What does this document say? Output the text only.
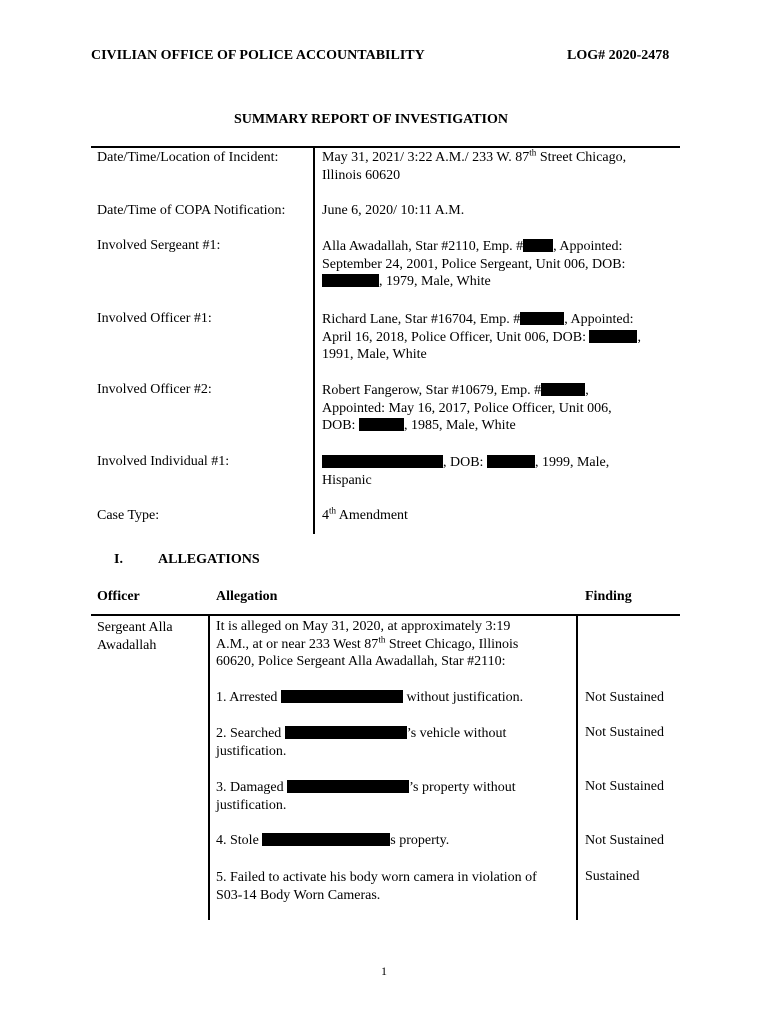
CIVILIAN OFFICE OF POLICE ACCOUNTABILITY	LOG# 2020-2478
SUMMARY REPORT OF INVESTIGATION
Date/Time/Location of Incident:	May 31, 2021/ 3:22 A.M./ 233 W. 87th Street Chicago,
Illinois 60620
Date/Time of COPA Notification:	June 6, 2020/ 10:11 A.M.
Involved Sergeant #1:	Alla Awadallah, Star #2110, Emp. # , Appointed:
September 24, 2001, Police Sergeant, Unit 006, DOB:
, 1979, Male, White
Involved Officer #1:	Richard Lane, Star #16704, Emp. #	, Appointed:
April 16, 2018, Police Officer, Unit 006, DOB:	,
1991, Male, White
Involved Officer #2:	Robert Fangerow, Star #10679, Emp. #	,
Appointed: May 16, 2017, Police Officer, Unit 006,
DOB:	, 1985, Male, White
Involved Individual #1:	, DOB:	, 1999, Male,
Hispanic
Case Type:	4th Amendment
I.	ALLEGATIONS
Officer	Allegation	Finding
Sergeant Alla
Awadallah
It is alleged on May 31, 2020, at approximately 3:19
A.M., at or near 233 West 87th Street Chicago, Illinois
60620, Police Sergeant Alla Awadallah, Star #2110:
1. Arrested	without justification.	Not Sustained
2. Searched	’s vehicle without
justification.
Not Sustained
3. Damaged	’s property without
justification.
Not Sustained
4. Stole	s property.	Not Sustained
5. Failed to activate his body worn camera in violation of
S03-14 Body Worn Cameras.
Sustained
1
